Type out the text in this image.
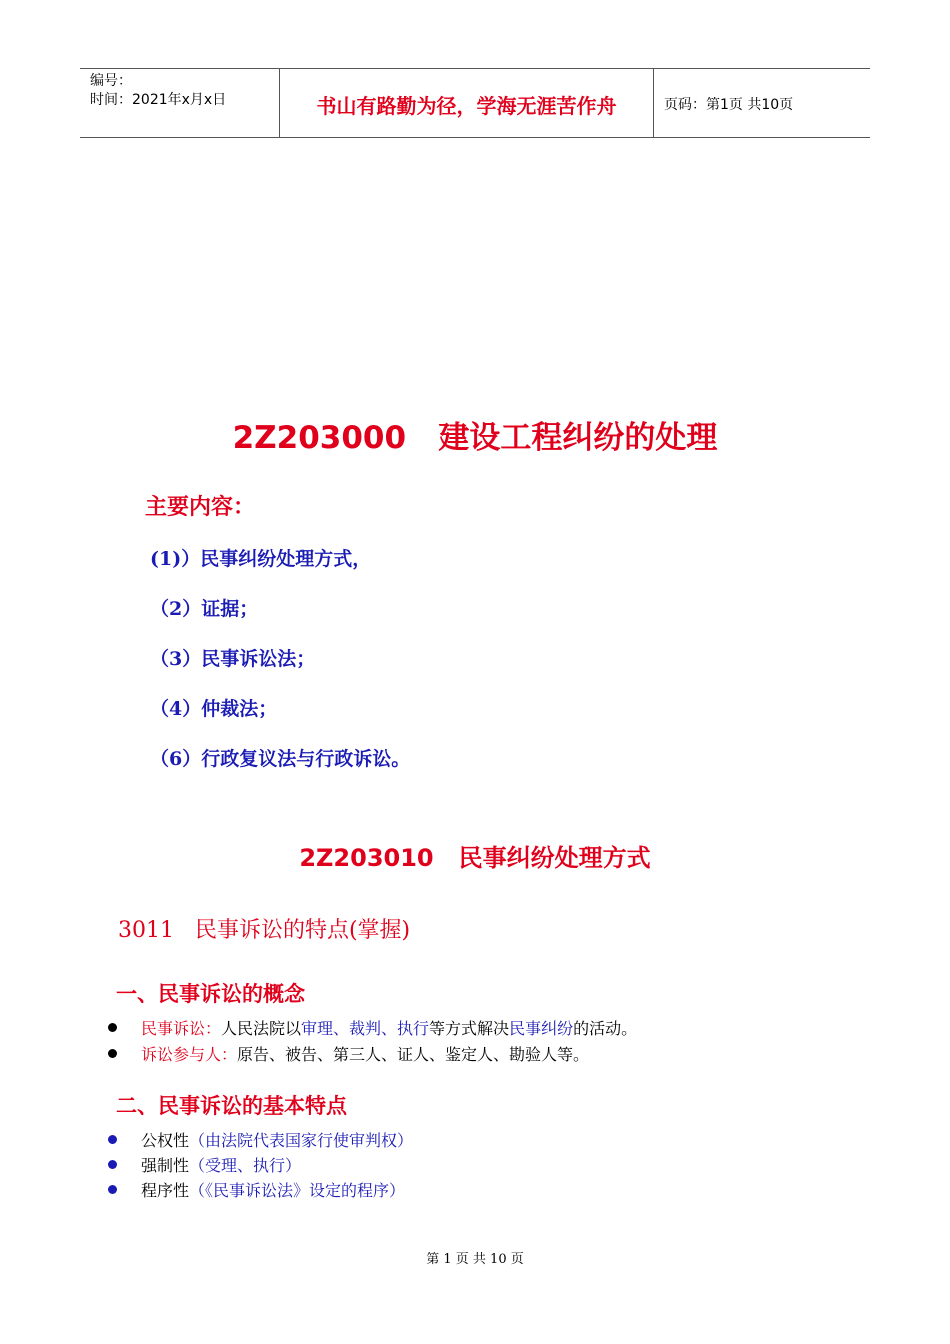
编号：
时间：2021年x月x日	书山有路勤为径，学海无涯苦作舟	页码：第1页 共10页
2Z203000   建设工程纠纷的处理
主要内容：
(1)）民事纠纷处理方式，
（2）证据；
（3）民事诉讼法；
（4）仲裁法；
（6）行政复议法与行政诉讼。
2Z203010   民事纠纷处理方式
3011   民事诉讼的特点(掌握)
一、民事诉讼的概念
民事诉讼： 人民法院以 审理、裁判、执行 等方式解决 民事纠纷 的活动。
诉讼参与人： 原告、被告、第三人、证人、鉴定人、勘验人等。
二、民事诉讼的基本特点
公权性 （由法院代表国家行使审判权）
强制性 （受理、执行）
程序性 （《民事诉讼法》设定的程序）
第 1 页 共 10 页
